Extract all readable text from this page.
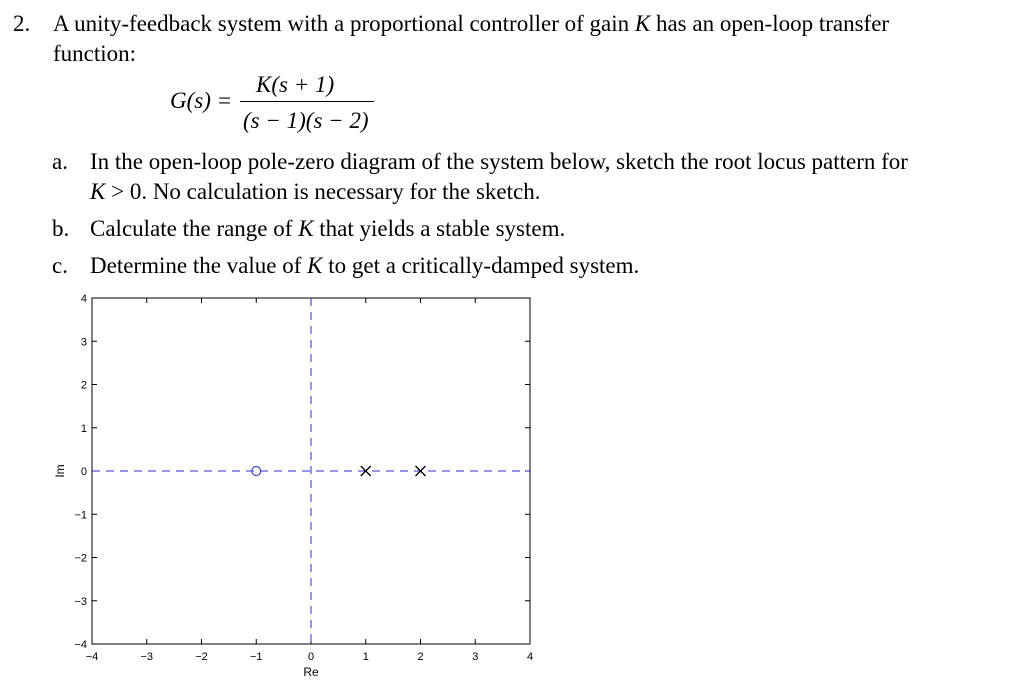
2. A unity-feedback system with a proportional controller of gain K has an open-loop transfer
function:
G(s) =
K(s + 1)
(s − 1)(s − 2)
a. In the open-loop pole-zero diagram of the system below, sketch the root locus pattern for
K > 0. No calculation is necessary for the sketch.
b. Calculate the range of K that yields a stable system.
c. Determine the value of K to get a critically-damped system.
−4	−3	−2	−1	0	1	2	3	4
−4
−3
−2
−1
0
1
2
3
4
Re
Im
